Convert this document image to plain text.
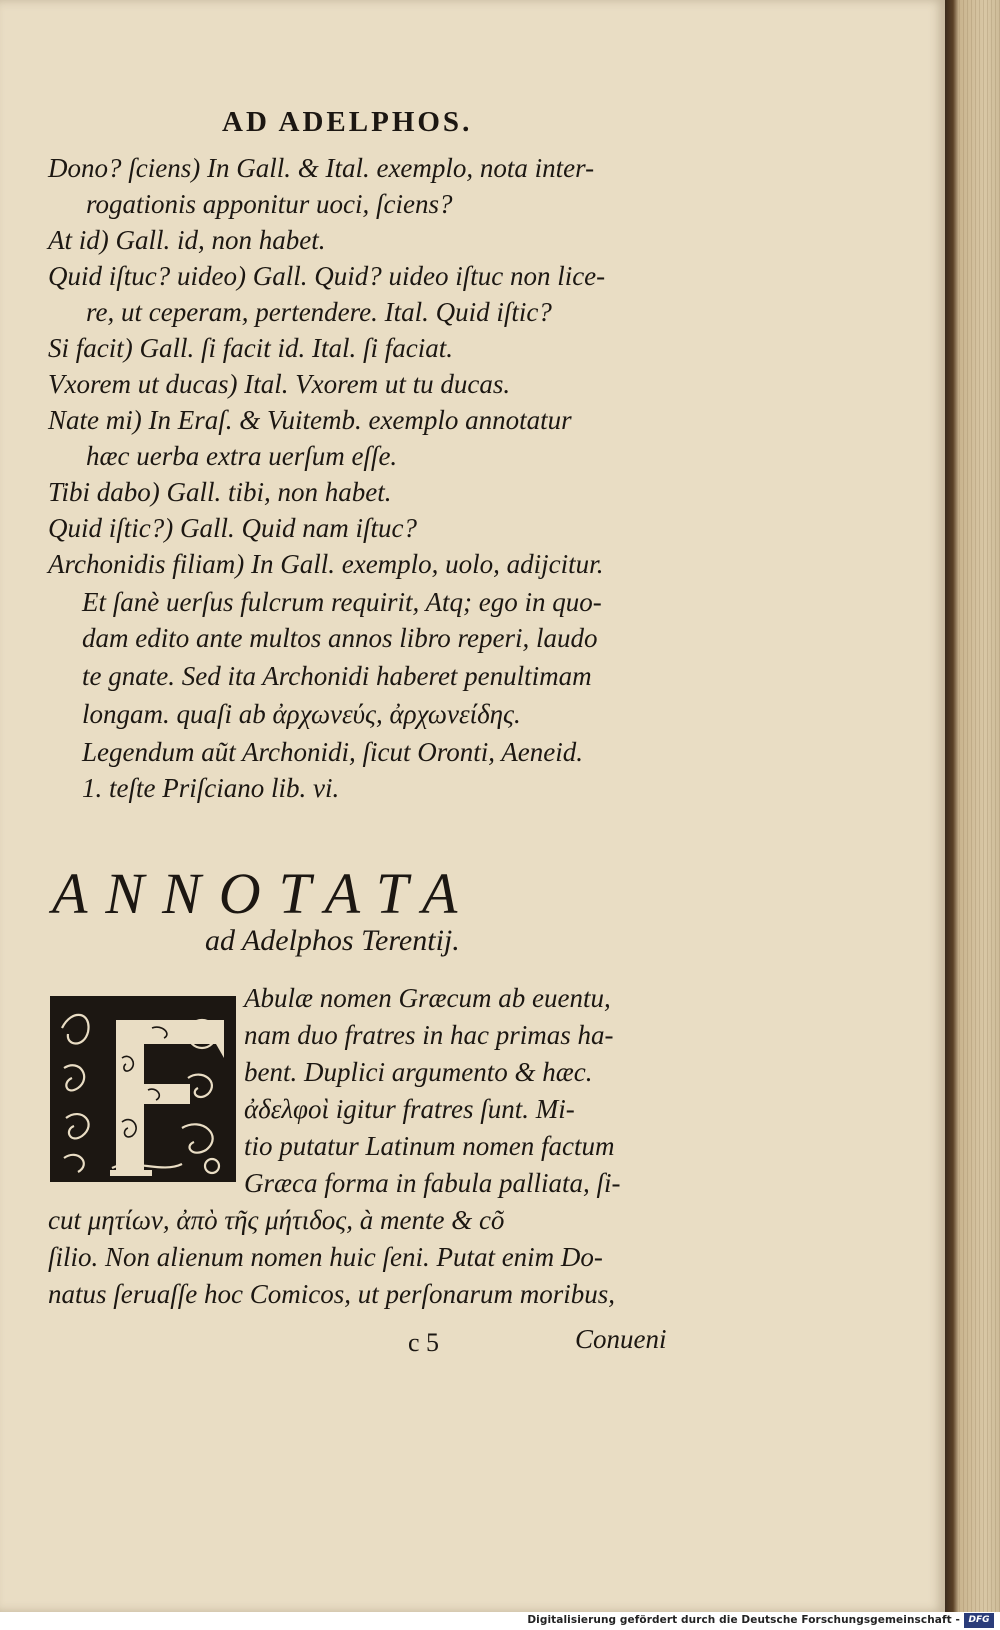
AD ADELPHOS.
Dono? ſciens) In Gall. & Ital. exemplo, nota inter-
rogationis apponitur uoci, ſciens?
At id) Gall. id, non habet.
Quid iſtuc? uideo) Gall. Quid? uideo iſtuc non lice-
re, ut ceperam, pertendere. Ital. Quid iſtic?
Si facit) Gall. ſi facit id. Ital. ſi faciat.
Vxorem ut ducas) Ital. Vxorem ut tu ducas.
Nate mi) In Eraſ. & Vuitemb. exemplo annotatur
hæc uerba extra uerſum eſſe.
Tibi dabo) Gall. tibi, non habet.
Quid iſtic?) Gall. Quid nam iſtuc?
Archonidis filiam) In Gall. exemplo, uolo, adijcitur.
Et ſanè uerſus fulcrum requirit, Atq; ego in quo-
dam edito ante multos annos libro reperi, laudo
te gnate. Sed ita Archonidi haberet penultimam
longam. quaſi ab ἀρχωνεύς, ἀρχωνείδης.
Legendum aũt Archonidi, ſicut Oronti, Aeneid.
1. teſte Priſciano lib. vi.
ANNOTATA
ad Adelphos Terentij.
Abulæ nomen Græcum ab euentu,
nam duo fratres in hac primas ha-
bent. Duplici argumento & hæc.
ἀδελφοὶ igitur fratres ſunt. Mi-
tio putatur Latinum nomen factum
Græca forma in fabula palliata, ſi-
cut μητίων, ἀπὸ τῆς μήτιδος, à mente & cõ
ſilio. Non alienum nomen huic ſeni. Putat enim Do-
natus ſeruaſſe hoc Comicos, ut perſonarum moribus,
c 5	Conueni
Digitalisierung gefördert durch die Deutsche Forschungsgemeinschaft - DFG
